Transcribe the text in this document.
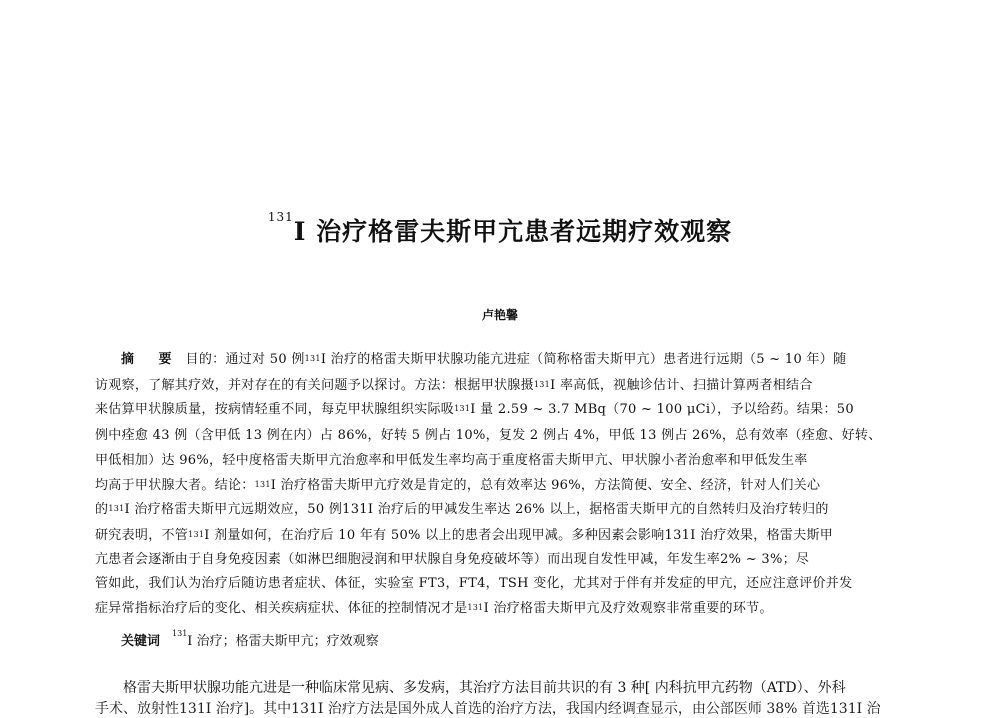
$^{131}$I 治疗格雷夫斯甲亢患者远期疗效观察
卢艳馨
摘 要 目的：通过对 50 例$^{131}$I 治疗的格雷夫斯甲状腺功能亢进症（简称格雷夫斯甲亢）患者进行远期（5 ~ 10 年）随
访观察，了解其疗效，并对存在的有关问题予以探讨。方法：根据甲状腺摄$^{131}$I 率高低，视触诊估计、扫描计算两者相结合
来估算甲状腺质量，按病情轻重不同，每克甲状腺组织实际吸$^{131}$I 量 2.59 ~ 3.7 MBq（70 ~ 100 μCi），予以给药。结果：50
例中痊愈 43 例（含甲低 13 例在内）占 86%，好转 5 例占 10%，复发 2 例占 4%，甲低 13 例占 26%，总有效率（痊愈、好转、
甲低相加）达 96%，轻中度格雷夫斯甲亢治愈率和甲低发生率均高于重度格雷夫斯甲亢、甲状腺小者治愈率和甲低发生率
均高于甲状腺大者。结论：$^{131}$I 治疗格雷夫斯甲亢疗效是肯定的，总有效率达 96%，方法简便、安全、经济，针对人们关心
的$^{131}$I 治疗格雷夫斯甲亢远期效应，50 例131I 治疗后的甲减发生率达 26% 以上，据格雷夫斯甲亢的自然转归及治疗转归的
研究表明，不管$^{131}$I 剂量如何，在治疗后 10 年有 50% 以上的患者会出现甲减。多种因素会影响131I 治疗效果，格雷夫斯甲
亢患者会逐渐由于自身免疫因素（如淋巴细胞浸润和甲状腺自身免疫破坏等）而出现自发性甲减，年发生率2% ~ 3%；尽
管如此，我们认为治疗后随访患者症状、体征，实验室 FT3，FT4，TSH 变化，尤其对于伴有并发症的甲亢，还应注意评价并发
症异常指标治疗后的变化、相关疾病症状、体征的控制情况才是$^{131}$I 治疗格雷夫斯甲亢及疗效观察非常重要的环节。
关键词$^{131}$I 治疗；格雷夫斯甲亢；疗效观察
格雷夫斯甲状腺功能亢进是一种临床常见病、多发病，其治疗方法目前共识的有 3 种[ 内科抗甲亢药物（ATD）、外科
手术、放射性131I 治疗]。其中131I 治疗方法是国外成人首选的治疗方法，我国内经调查显示，由公部医师 38% 首选131I 治
